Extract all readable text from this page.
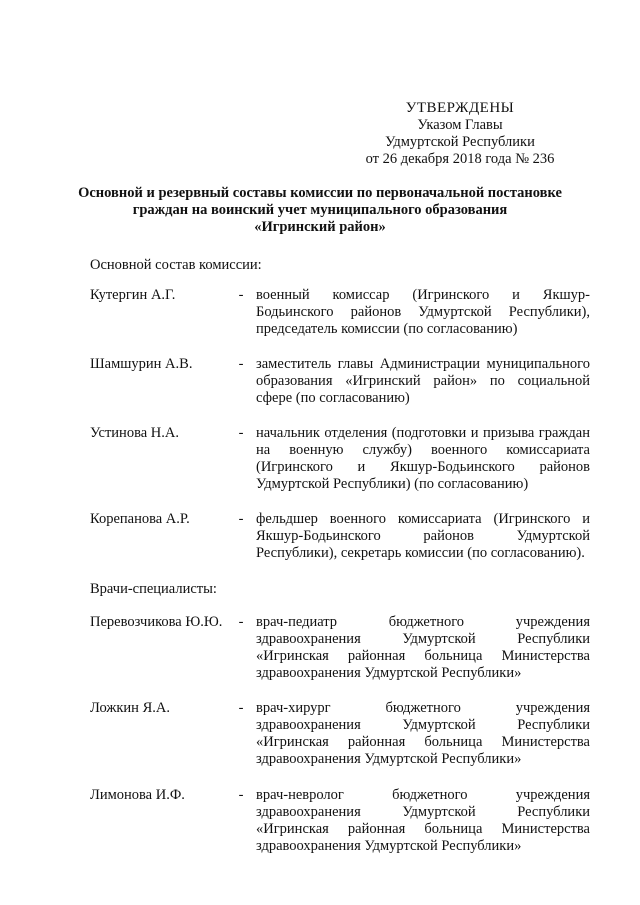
УТВЕРЖДЕНЫ
Указом Главы
Удмуртской Республики
от 26 декабря 2018 года № 236
Основной и резервный составы комиссии по первоначальной постановке
граждан на воинский учет муниципального образования
«Игринский район»
Основной состав комиссии:
Кутергин А.Г.	- военный комиссар (Игринского и Якшур-Бодьинского районов Удмуртской Республики), председатель комиссии (по согласованию)
Шамшурин А.В.	- заместитель главы Администрации муниципального образования «Игринский район» по социальной сфере (по согласованию)
Устинова Н.А.	- начальник отделения (подготовки и призыва граждан на военную службу) военного комиссариата (Игринского и Якшур-Бодьинского районов Удмуртской Республики) (по согласованию)
Корепанова А.Р.	- фельдшер военного комиссариата (Игринского и Якшур-Бодьинского районов Удмуртской Республики), секретарь комиссии (по согласованию).
Врачи-специалисты:
Перевозчикова Ю.Ю.	- врач-педиатр бюджетного учреждения здравоохранения Удмуртской Республики «Игринская районная больница Министерства здравоохранения Удмуртской Республики»
Ложкин Я.А.	- врач-хирург бюджетного учреждения здравоохранения Удмуртской Республики «Игринская районная больница Министерства здравоохранения Удмуртской Республики»
Лимонова И.Ф.	- врач-невролог бюджетного учреждения здравоохранения Удмуртской Республики «Игринская районная больница Министерства здравоохранения Удмуртской Республики»
